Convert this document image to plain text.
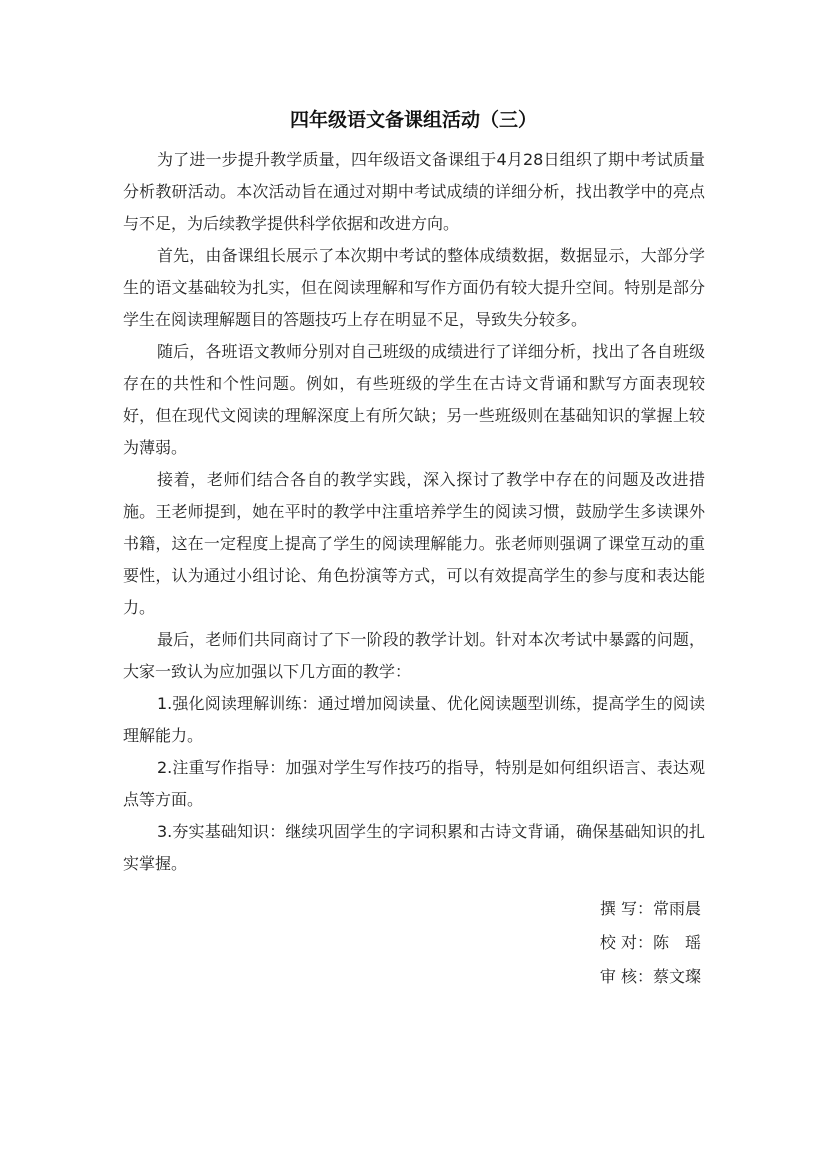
四年级语文备课组活动（三）

为了进一步提升教学质量，四年级语文备课组于4月28日组织了期中考试质量分析教研活动。本次活动旨在通过对期中考试成绩的详细分析，找出教学中的亮点与不足，为后续教学提供科学依据和改进方向。

首先，由备课组长展示了本次期中考试的整体成绩数据，数据显示，大部分学生的语文基础较为扎实，但在阅读理解和写作方面仍有较大提升空间。特别是部分学生在阅读理解题目的答题技巧上存在明显不足，导致失分较多。

随后，各班语文教师分别对自己班级的成绩进行了详细分析，找出了各自班级存在的共性和个性问题。例如，有些班级的学生在古诗文背诵和默写方面表现较好，但在现代文阅读的理解深度上有所欠缺；另一些班级则在基础知识的掌握上较为薄弱。

接着，老师们结合各自的教学实践，深入探讨了教学中存在的问题及改进措施。王老师提到，她在平时的教学中注重培养学生的阅读习惯，鼓励学生多读课外书籍，这在一定程度上提高了学生的阅读理解能力。张老师则强调了课堂互动的重要性，认为通过小组讨论、角色扮演等方式，可以有效提高学生的参与度和表达能力。

最后，老师们共同商讨了下一阶段的教学计划。针对本次考试中暴露的问题，大家一致认为应加强以下几方面的教学：

1.强化阅读理解训练：通过增加阅读量、优化阅读题型训练，提高学生的阅读理解能力。

2.注重写作指导：加强对学生写作技巧的指导，特别是如何组织语言、表达观点等方面。

3.夯实基础知识：继续巩固学生的字词积累和古诗文背诵，确保基础知识的扎实掌握。

撰 写：常雨晨
校 对：陈　瑶
审 核：蔡文璨
